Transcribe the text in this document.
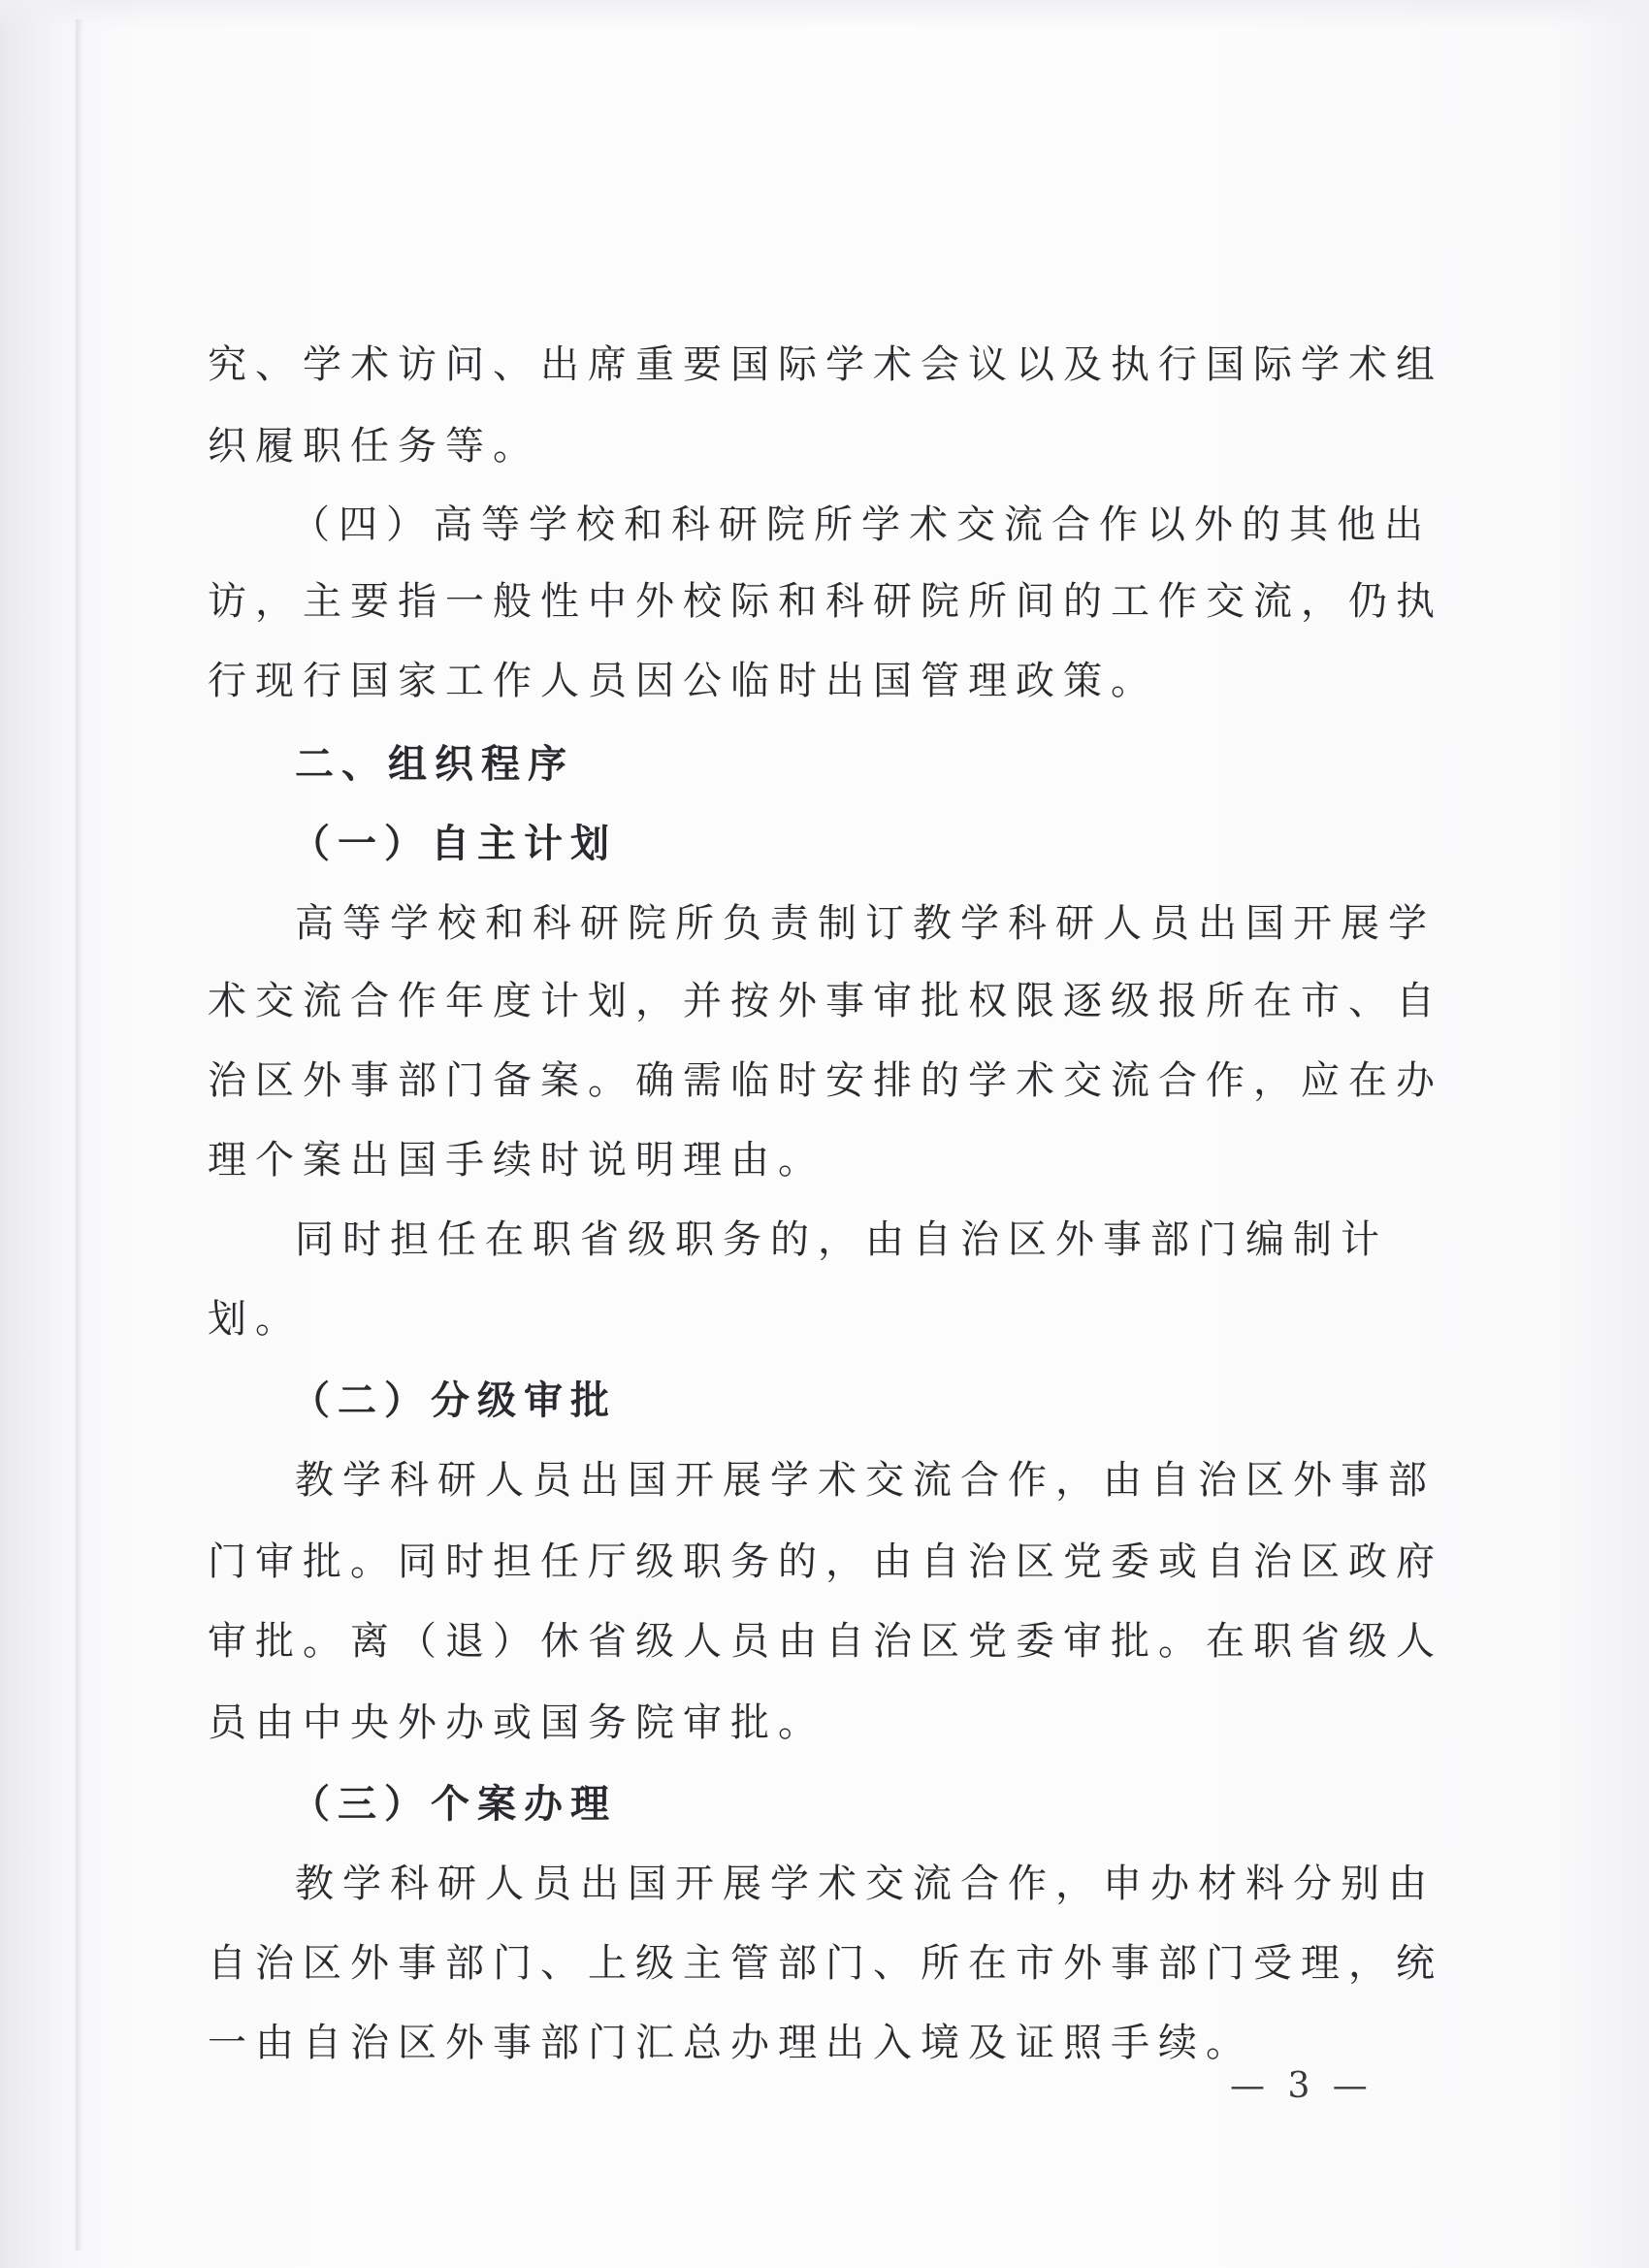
究、学术访问、出席重要国际学术会议以及执行国际学术组

织履职任务等。

（四）高等学校和科研院所学术交流合作以外的其他出

访，主要指一般性中外校际和科研院所间的工作交流，仍执

行现行国家工作人员因公临时出国管理政策。

二、组织程序
（一）自主计划

高等学校和科研院所负责制订教学科研人员出国开展学

术交流合作年度计划，并按外事审批权限逐级报所在市、自

治区外事部门备案。确需临时安排的学术交流合作，应在办

理个案出国手续时说明理由。

同时担任在职省级职务的，由自治区外事部门编制计

划。

（二）分级审批

教学科研人员出国开展学术交流合作，由自治区外事部

门审批。同时担任厅级职务的，由自治区党委或自治区政府

审批。离（退）休省级人员由自治区党委审批。在职省级人

员由中央外办或国务院审批。

（三）个案办理

教学科研人员出国开展学术交流合作，申办材料分别由

自治区外事部门、上级主管部门、所在市外事部门受理，统

一由自治区外事部门汇总办理出入境及证照手续。

— 3 —
